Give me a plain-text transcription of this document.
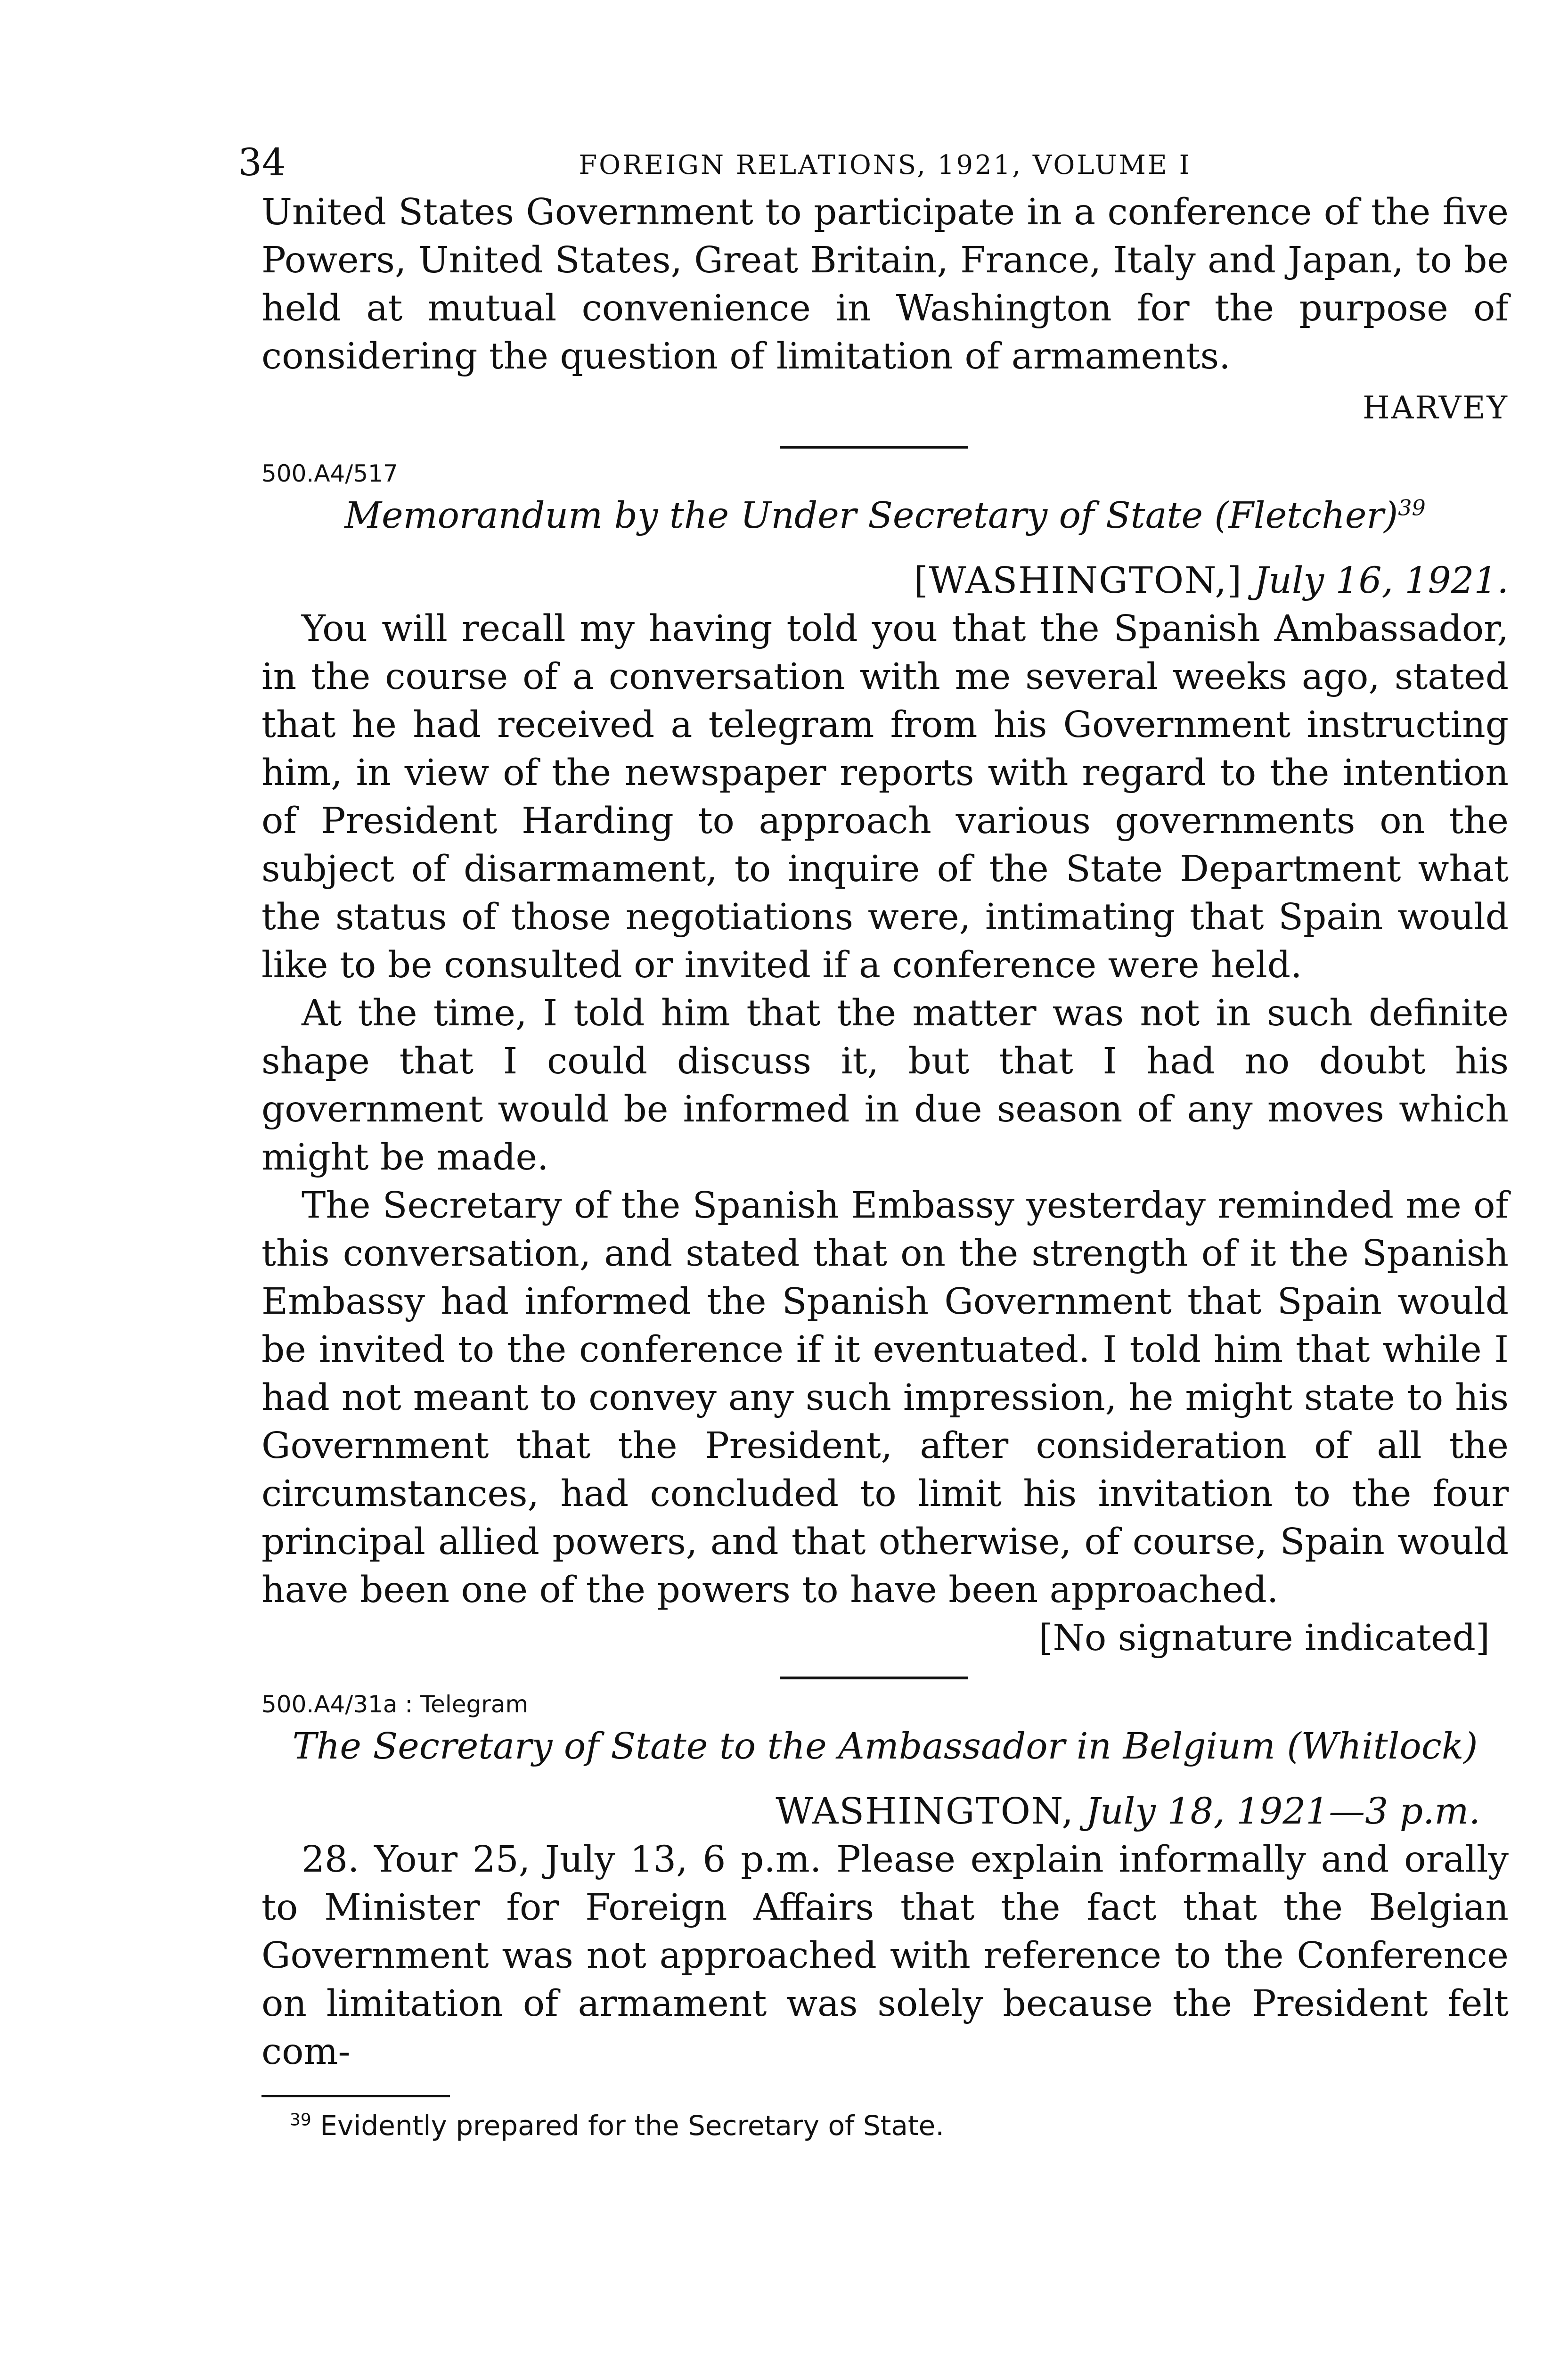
34	FOREIGN RELATIONS, 1921, VOLUME I

United States Government to participate in a conference of the five Powers, United States, Great Britain, France, Italy and Japan, to be held at mutual convenience in Washington for the purpose of considering the question of limitation of armaments.

HARVEY

500.A4/517

Memorandum by the Under Secretary of State (Fletcher)$^{39}$
[WASHINGTON,] July 16, 1921.

You will recall my having told you that the Spanish Ambassador, in the course of a conversation with me several weeks ago, stated that he had received a telegram from his Government instructing him, in view of the newspaper reports with regard to the intention of President Harding to approach various governments on the subject of disarmament, to inquire of the State Department what the status of those negotiations were, intimating that Spain would like to be consulted or invited if a conference were held.

At the time, I told him that the matter was not in such definite shape that I could discuss it, but that I had no doubt his government would be informed in due season of any moves which might be made.

The Secretary of the Spanish Embassy yesterday reminded me of this conversation, and stated that on the strength of it the Spanish Embassy had informed the Spanish Government that Spain would be invited to the conference if it eventuated. I told him that while I had not meant to convey any such impression, he might state to his Government that the President, after consideration of all the circumstances, had concluded to limit his invitation to the four principal allied powers, and that otherwise, of course, Spain would have been one of the powers to have been approached.

[No signature indicated]

500.A4/31a : Telegram

The Secretary of State to the Ambassador in Belgium (Whitlock)
WASHINGTON, July 18, 1921—3 p.m.

28. Your 25, July 13, 6 p.m. Please explain informally and orally to Minister for Foreign Affairs that the fact that the Belgian Government was not approached with reference to the Conference on limitation of armament was solely because the President felt com-

$^{39}$ Evidently prepared for the Secretary of State.
